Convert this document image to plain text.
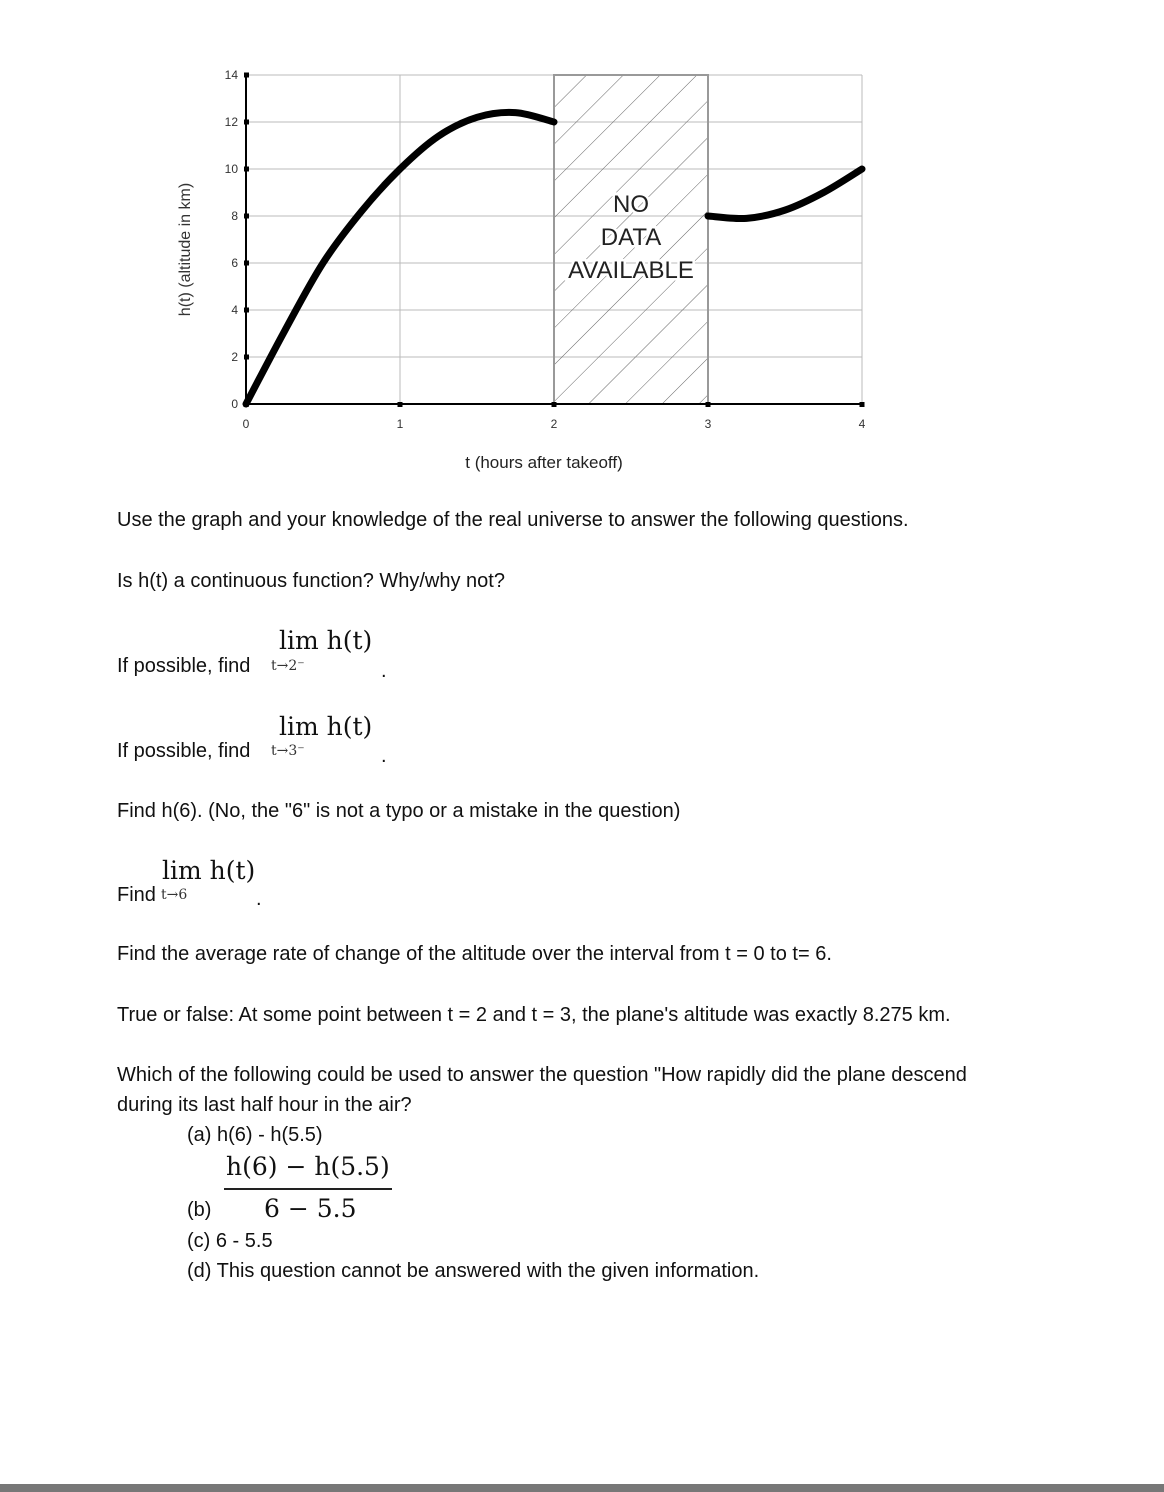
NO
DATA
AVAILABLE
0
2
4
6
8
10
12
14
0	1	2	3	4
t (hours after takeoff)
h(t) (altitude in km)
Use the graph and your knowledge of the real universe to answer the following questions.
Is h(t) a continuous function? Why/why not?
If possible, find
lim h(t)
t→2⁻	.
If possible, find
lim h(t)
t→3⁻	.
Find h(6). (No, the "6" is not a typo or a mistake in the question)
Find
lim h(t)
t→6	.
Find the average rate of change of the altitude over the interval from t = 0 to t= 6.
True or false: At some point between t = 2 and t = 3, the plane's altitude was exactly 8.275 km.
Which of the following could be used to answer the question "How rapidly did the plane descend
during its last half hour in the air?
(a) h(6) - h(5.5)
h(6) − h(5.5)
6 − 5.5
(b)
(c) 6 - 5.5
(d) This question cannot be answered with the given information.
